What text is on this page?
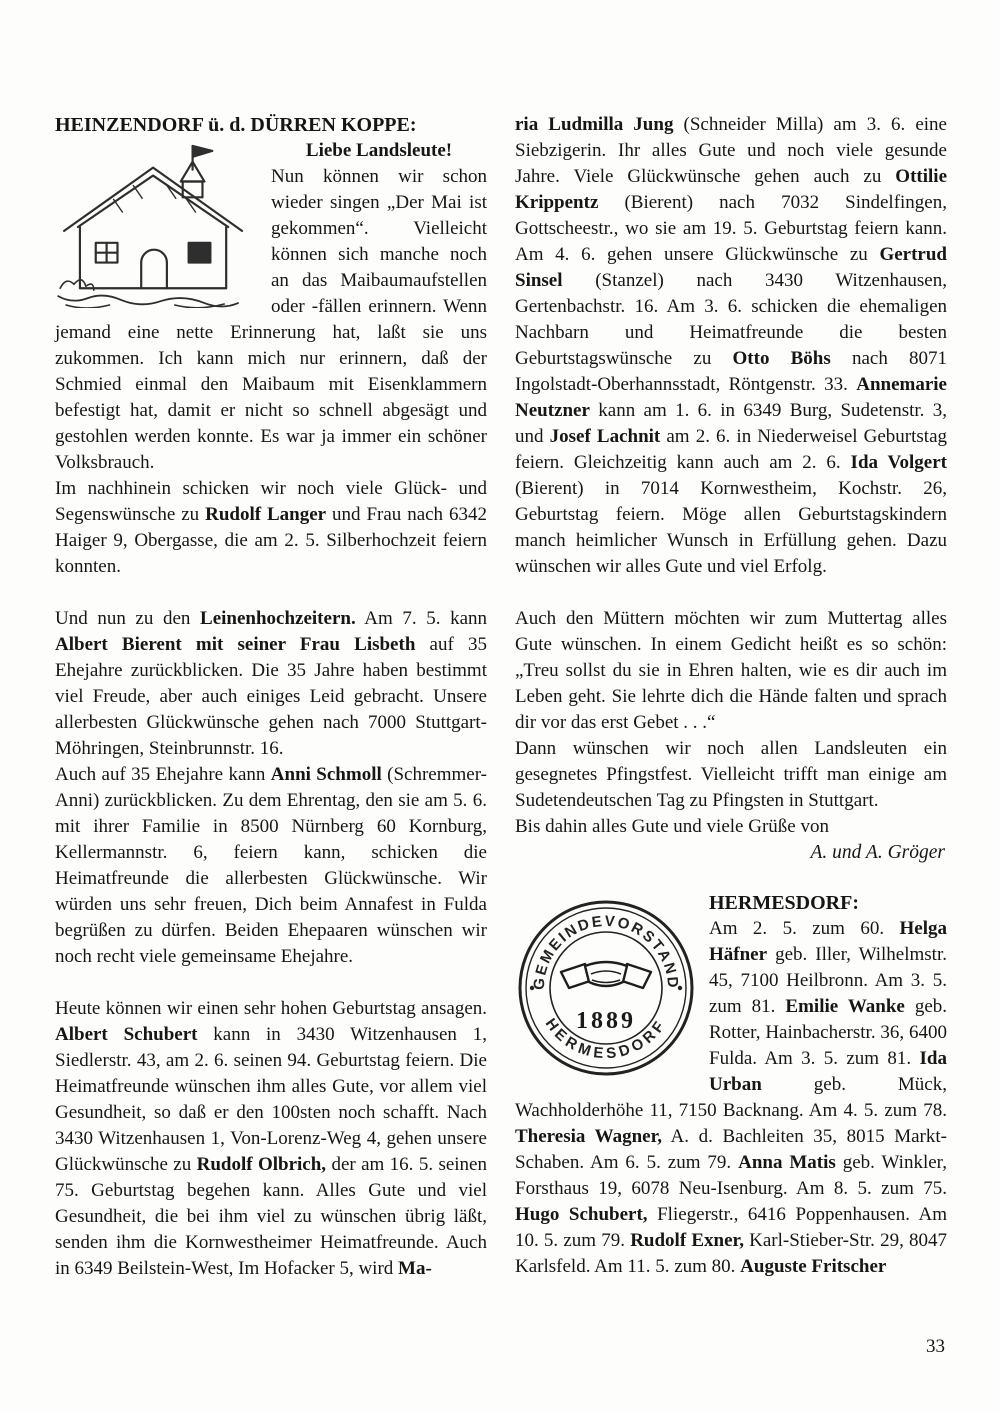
HEINZENDORF ü. d. DÜRREN KOPPE:
Liebe Landsleute!

Nun können wir schon wieder singen „Der Mai ist gekommen“. Vielleicht können sich manche noch an das Maibaumaufstellen oder -fällen erinnern. Wenn jemand eine nette Erinnerung hat, laßt sie uns zukommen. Ich kann mich nur erinnern, daß der Schmied einmal den Maibaum mit Eisenklammern befestigt hat, damit er nicht so schnell abgesägt und gestohlen werden konnte. Es war ja immer ein schöner Volksbrauch.

Im nachhinein schicken wir noch viele Glück- und Segenswünsche zu Rudolf Langer und Frau nach 6342 Haiger 9, Obergasse, die am 2. 5. Silberhochzeit feiern konnten.

Und nun zu den Leinenhochzeitern. Am 7. 5. kann Albert Bierent mit seiner Frau Lisbeth auf 35 Ehejahre zurückblicken. Die 35 Jahre haben bestimmt viel Freude, aber auch einiges Leid gebracht. Unsere allerbesten Glückwünsche gehen nach 7000 Stuttgart-Möhringen, Steinbrunnstr. 16.

Auch auf 35 Ehejahre kann Anni Schmoll (Schremmer-Anni) zurückblicken. Zu dem Ehrentag, den sie am 5. 6. mit ihrer Familie in 8500 Nürnberg 60 Kornburg, Kellermannstr. 6, feiern kann, schicken die Heimatfreunde die allerbesten Glückwünsche. Wir würden uns sehr freuen, Dich beim Annafest in Fulda begrüßen zu dürfen. Beiden Ehepaaren wünschen wir noch recht viele gemeinsame Ehejahre.

Heute können wir einen sehr hohen Geburtstag ansagen. Albert Schubert kann in 3430 Witzenhausen 1, Siedlerstr. 43, am 2. 6. seinen 94. Geburtstag feiern. Die Heimatfreunde wünschen ihm alles Gute, vor allem viel Gesundheit, so daß er den 100sten noch schafft. Nach 3430 Witzenhausen 1, Von-Lorenz-Weg 4, gehen unsere Glückwünsche zu Rudolf Olbrich, der am 16. 5. seinen 75. Geburtstag begehen kann. Alles Gute und viel Gesundheit, die bei ihm viel zu wünschen übrig läßt, senden ihm die Kornwestheimer Heimatfreunde. Auch in 6349 Beilstein-West, Im Hofacker 5, wird Ma-

ria Ludmilla Jung (Schneider Milla) am 3. 6. eine Siebzigerin. Ihr alles Gute und noch viele gesunde Jahre. Viele Glückwünsche gehen auch zu Ottilie Krippentz (Bierent) nach 7032 Sindelfingen, Gottscheestr., wo sie am 19. 5. Geburtstag feiern kann. Am 4. 6. gehen unsere Glückwünsche zu Gertrud Sinsel (Stanzel) nach 3430 Witzenhausen, Gertenbachstr. 16. Am 3. 6. schicken die ehemaligen Nachbarn und Heimatfreunde die besten Geburtstagswünsche zu Otto Böhs nach 8071 Ingolstadt-Oberhannsstadt, Röntgenstr. 33. Annemarie Neutzner kann am 1. 6. in 6349 Burg, Sudetenstr. 3, und Josef Lachnit am 2. 6. in Niederweisel Geburtstag feiern. Gleichzeitig kann auch am 2. 6. Ida Volgert (Bierent) in 7014 Kornwestheim, Kochstr. 26, Geburtstag feiern. Möge allen Geburtstagskindern manch heimlicher Wunsch in Erfüllung gehen. Dazu wünschen wir alles Gute und viel Erfolg.

Auch den Müttern möchten wir zum Muttertag alles Gute wünschen. In einem Gedicht heißt es so schön: „Treu sollst du sie in Ehren halten, wie es dir auch im Leben geht. Sie lehrte dich die Hände falten und sprach dir vor das erst Gebet . . .“

Dann wünschen wir noch allen Landsleuten ein gesegnetes Pfingstfest. Vielleicht trifft man einige am Sudetendeutschen Tag zu Pfingsten in Stuttgart.

Bis dahin alles Gute und viele Grüße von

A. und A. Gröger
GEMEINDEVORSTAND
HERMESDORF
1889
HERMESDORF:

Am 2. 5. zum 60. Helga Häfner geb. Iller, Wilhelmstr. 45, 7100 Heilbronn. Am 3. 5. zum 81. Emilie Wanke geb. Rotter, Hainbacherstr. 36, 6400 Fulda. Am 3. 5. zum 81. Ida Urban geb. Mück, Wachholderhöhe 11, 7150 Backnang. Am 4. 5. zum 78. Theresia Wagner, A. d. Bachleiten 35, 8015 Markt-Schaben. Am 6. 5. zum 79. Anna Matis geb. Winkler, Forsthaus 19, 6078 Neu-Isenburg. Am 8. 5. zum 75. Hugo Schubert, Fliegerstr., 6416 Poppenhausen. Am 10. 5. zum 79. Rudolf Exner, Karl-Stieber-Str. 29, 8047 Karlsfeld. Am 11. 5. zum 80. Auguste Fritscher

33
